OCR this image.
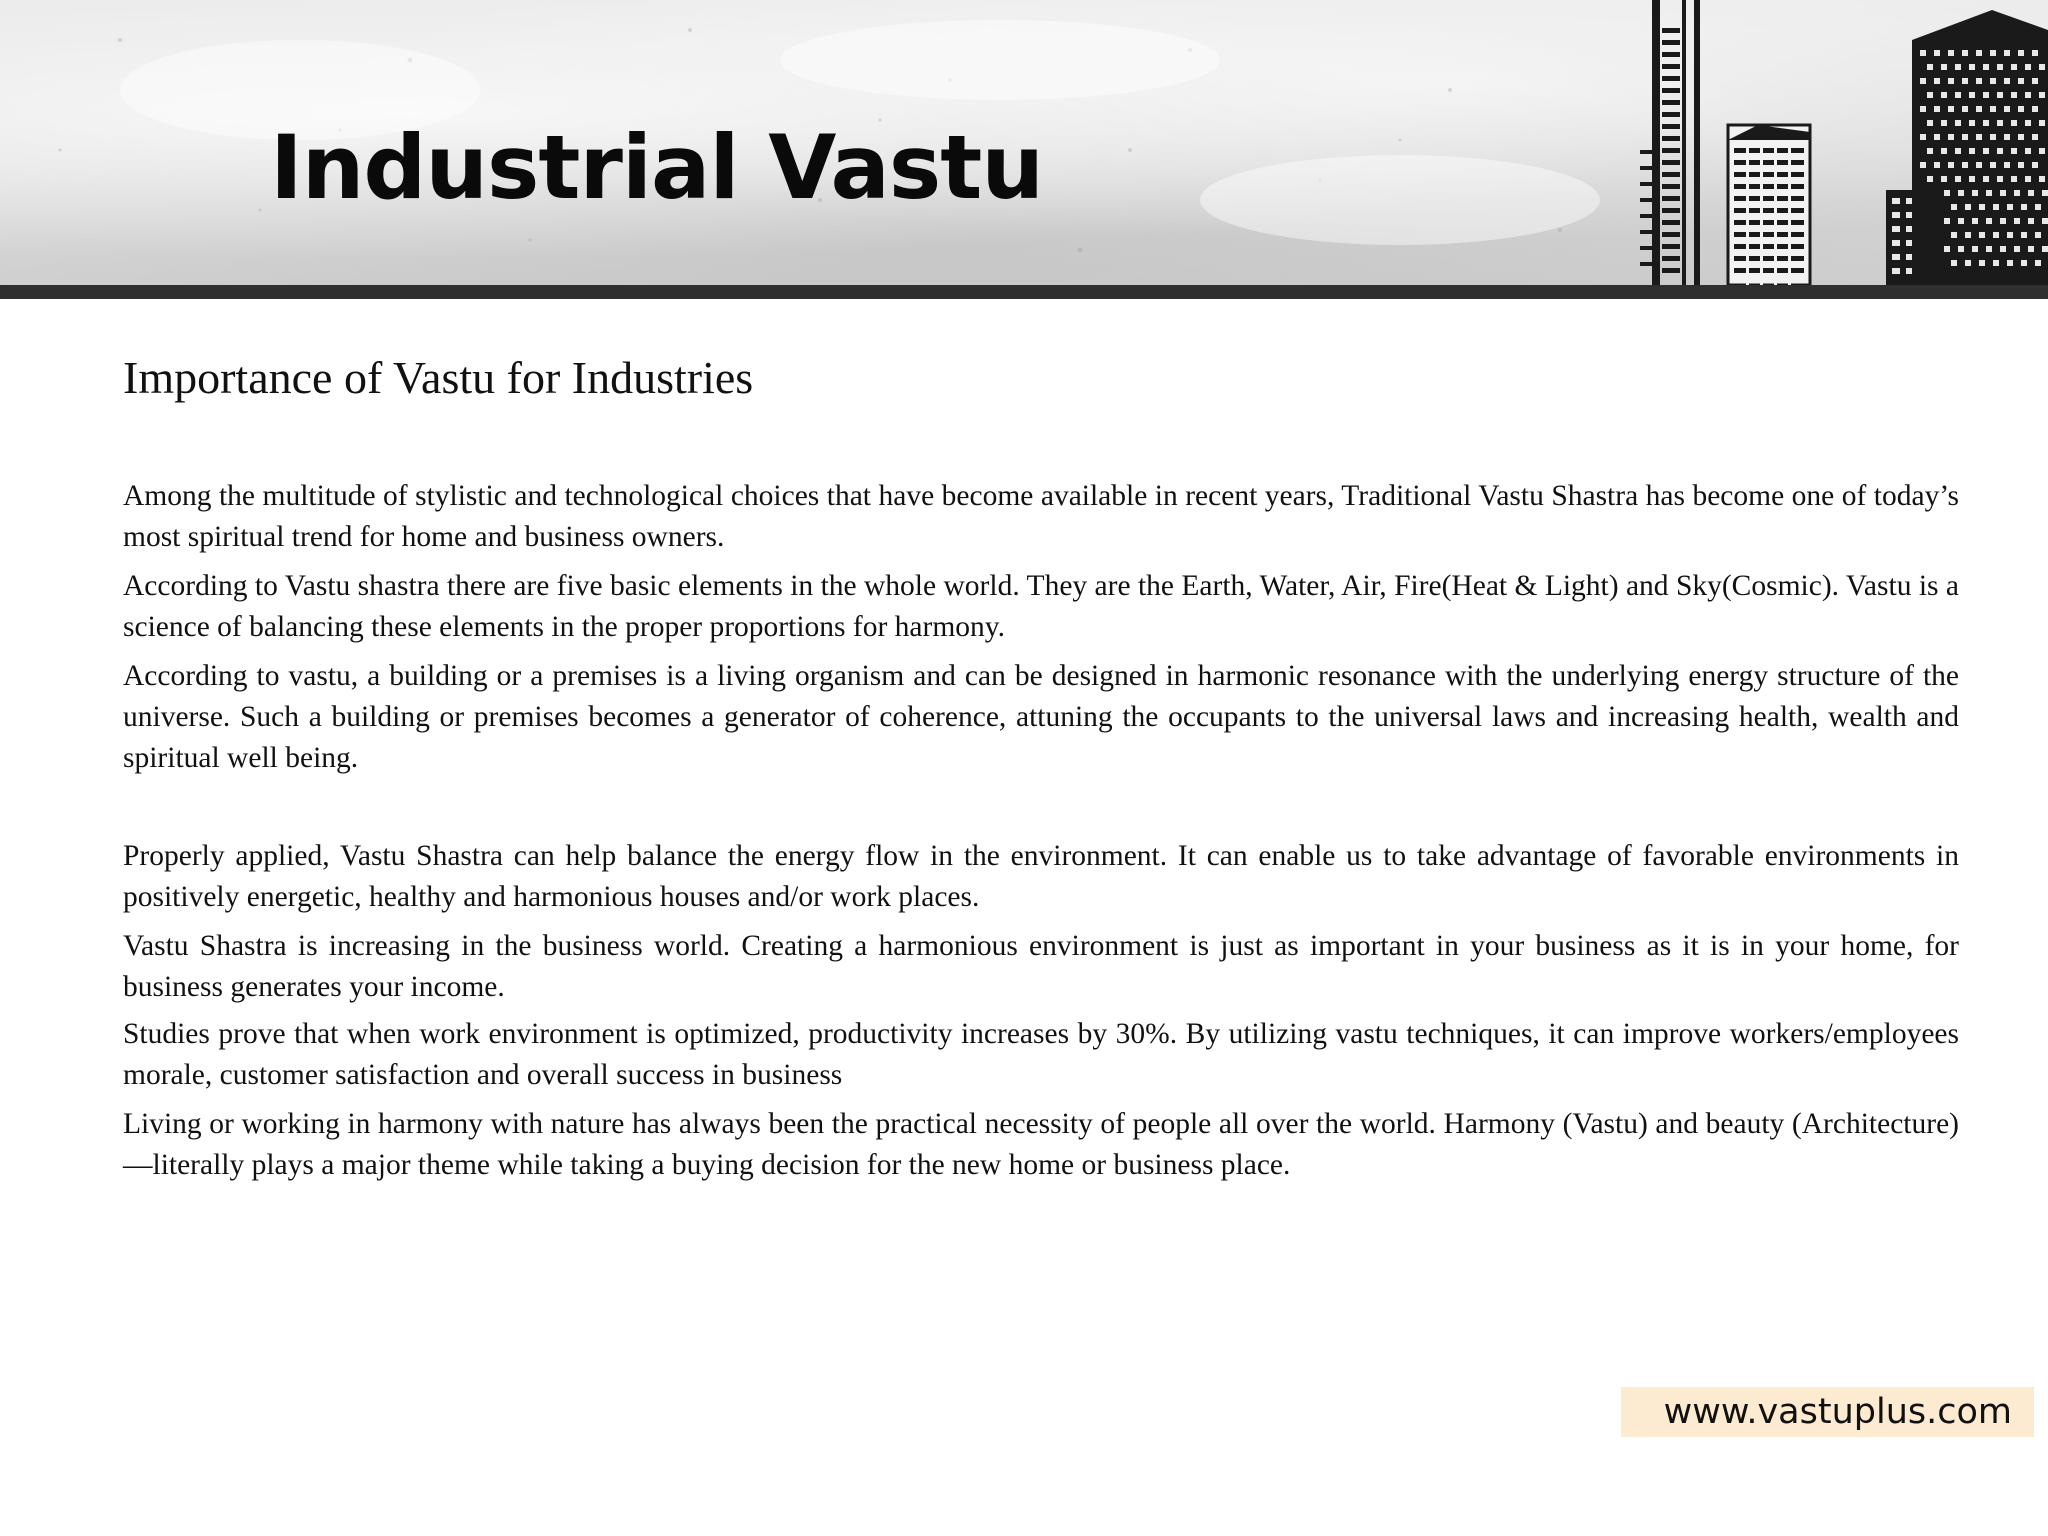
Industrial Vastu
Importance of Vastu for Industries

Among the multitude of stylistic and technological choices that have become available in recent years, Traditional Vastu Shastra has become one of today’s most spiritual trend for home and business owners.

According to Vastu shastra there are five basic elements in the whole world. They are the Earth, Water, Air, Fire(Heat & Light) and Sky(Cosmic). Vastu is a science of balancing these elements in the proper proportions for harmony.

According to vastu, a building or a premises is a living organism and can be designed in harmonic resonance with the underlying energy structure of the universe. Such a building or premises becomes a generator of coherence, attuning the occupants to the universal laws and increasing health, wealth and spiritual well being.

Properly applied, Vastu Shastra can help balance the energy flow in the environment. It can enable us to take advantage of favorable environments in positively energetic, healthy and harmonious houses and/or work places.

Vastu Shastra is increasing in the business world. Creating a harmonious environment is just as important in your business as it is in your home, for business generates your income.

Studies prove that when work environment is optimized, productivity increases by 30%. By utilizing vastu techniques, it can improve workers/employees morale, customer satisfaction and overall success in business

Living or working in harmony with nature has always been the practical necessity of people all over the world. Harmony (Vastu) and beauty (Architecture) —literally plays a major theme while taking a buying decision for the new home or business place.

www.vastuplus.com
